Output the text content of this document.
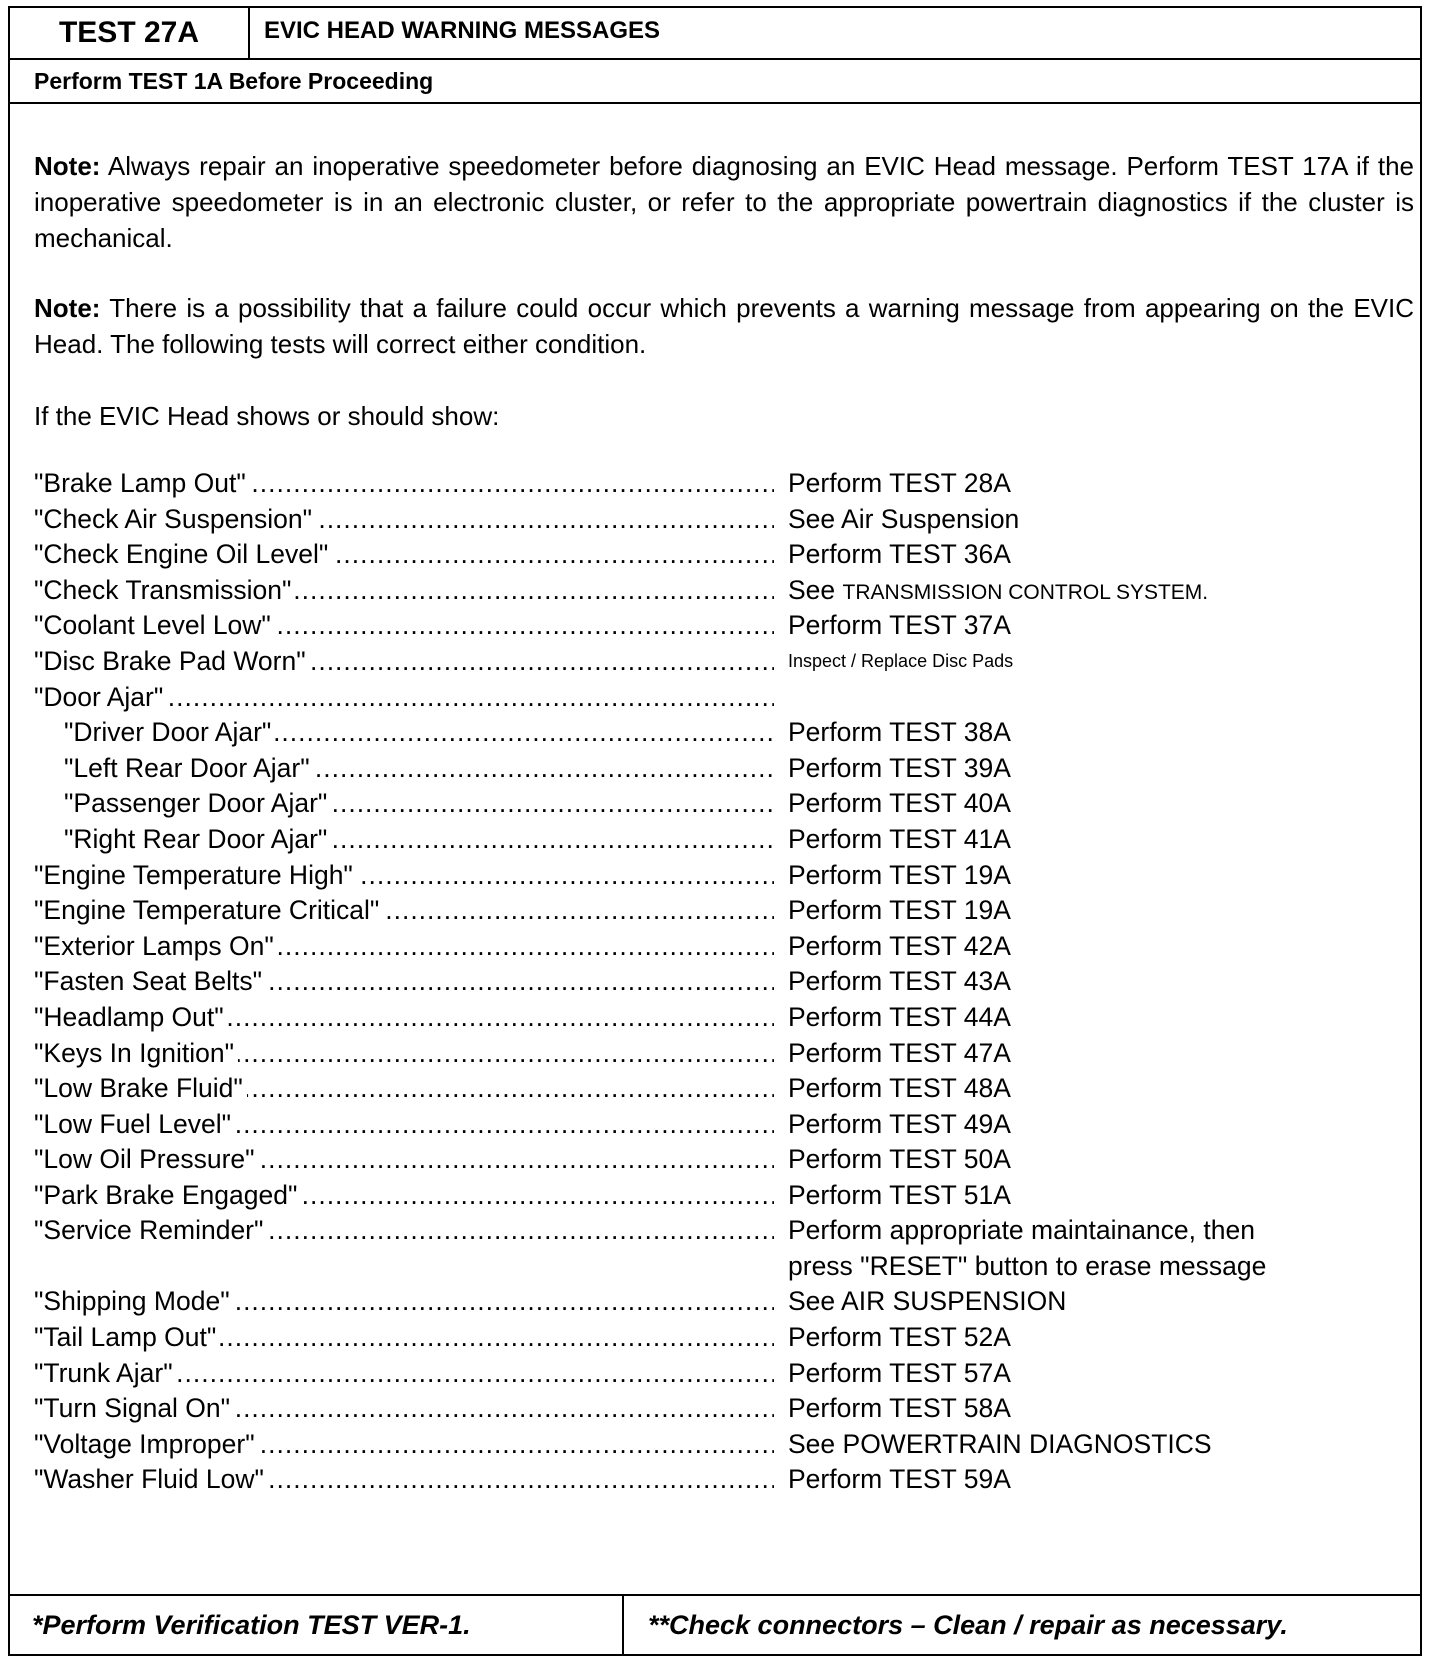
TEST 27A	EVIC HEAD WARNING MESSAGES
Perform TEST 1A Before Proceeding

Note: Always repair an inoperative speedometer before diagnosing an EVIC Head message. Perform TEST 17A if the inoperative speedometer is in an electronic cluster, or refer to the appropriate powertrain diagnostics if the cluster is mechanical.

Note: There is a possibility that a failure could occur which prevents a warning message from appearing on the EVIC Head. The following tests will correct either condition.

If the EVIC Head shows or should show:
"Brake Lamp Out" .....	Perform TEST 28A
"Check Air Suspension" .....	See Air Suspension
"Check Engine Oil Level" .....	Perform TEST 36A
"Check Transmission" .....	See TRANSMISSION CONTROL SYSTEM.
"Coolant Level Low" .....	Perform TEST 37A
"Disc Brake Pad Worn" .....	Inspect / Replace Disc Pads
"Door Ajar" .....
"Driver Door Ajar" .....	Perform TEST 38A
"Left Rear Door Ajar" .....	Perform TEST 39A
"Passenger Door Ajar" .....	Perform TEST 40A
"Right Rear Door Ajar" .....	Perform TEST 41A
"Engine Temperature High" .....	Perform TEST 19A
"Engine Temperature Critical" .....	Perform TEST 19A
"Exterior Lamps On" .....	Perform TEST 42A
"Fasten Seat Belts" .....	Perform TEST 43A
"Headlamp Out" .....	Perform TEST 44A
"Keys In Ignition" .....	Perform TEST 47A
"Low Brake Fluid" .....	Perform TEST 48A
"Low Fuel Level" .....	Perform TEST 49A
"Low Oil Pressure" .....	Perform TEST 50A
"Park Brake Engaged" .....	Perform TEST 51A
"Service Reminder" .....	Perform appropriate maintainance, then
press "RESET" button to erase message
"Shipping Mode" .....	See AIR SUSPENSION
"Tail Lamp Out" .....	Perform TEST 52A
"Trunk Ajar" .....	Perform TEST 57A
"Turn Signal On" .....	Perform TEST 58A
"Voltage Improper" .....	See POWERTRAIN DIAGNOSTICS
"Washer Fluid Low" .....	Perform TEST 59A
*Perform Verification TEST VER-1.	**Check connectors – Clean / repair as necessary.
